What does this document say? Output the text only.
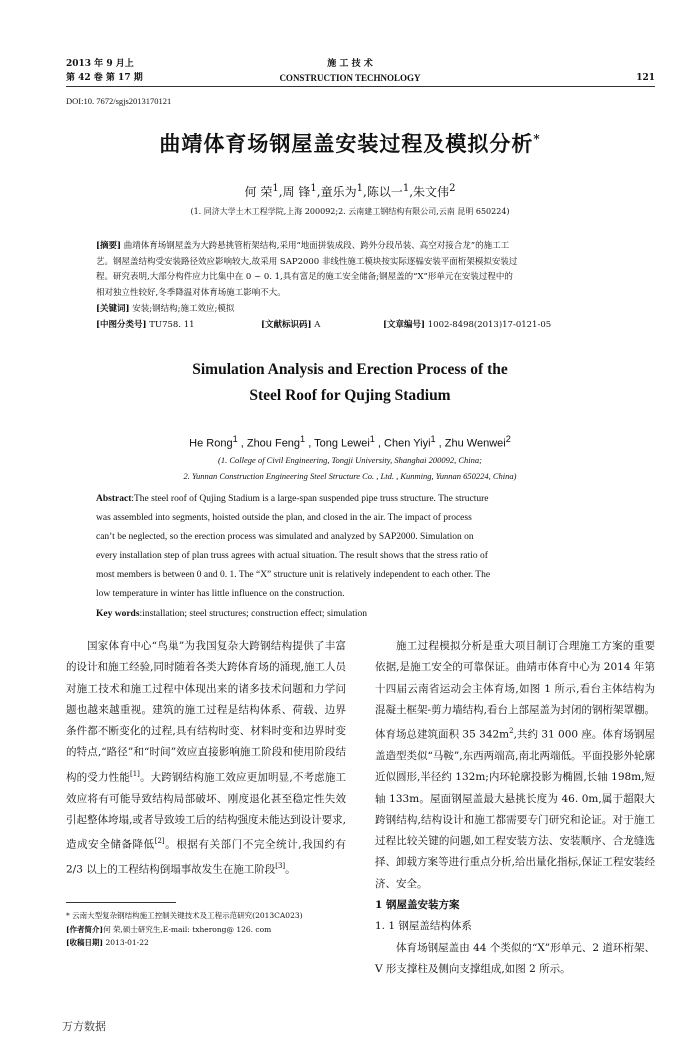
2013 年 9 月上
第 42 卷 第 17 期
施 工 技 术
CONSTRUCTION TECHNOLOGY	121
DOI:10. 7672/sgjs2013170121
曲靖体育场钢屋盖安装过程及模拟分析*
何 荣$^1$,周 锋$^1$,童乐为$^1$,陈以一$^1$,朱文伟$^2$
(1. 同济大学土木工程学院,上海 200092;2. 云南建工钢结构有限公司,云南 昆明 650224)
[摘要] 曲靖体育场钢屋盖为大跨悬挑管桁架结构,采用“地面拼装成段、跨外分段吊装、高空对接合龙”的施工工
艺。钢屋盖结构受安装路径效应影响较大,故采用 SAP2000 非线性施工模块按实际逐榀安装平面桁架模拟安装过
程。研究表明,大部分构件应力比集中在 0 ~ 0. 1,具有富足的施工安全储备;钢屋盖的“X”形单元在安装过程中的
相对独立性较好,冬季降温对体育场施工影响不大。
[关键词] 安装;钢结构;施工效应;模拟
[中图分类号] TU758. 11	[文献标识码] A	[文章编号] 1002-8498(2013)17-0121-05
Simulation Analysis and Erection Process of the
Steel Roof for Qujing Stadium
He Rong$^1$ , Zhou Feng$^1$ , Tong Lewei$^1$ , Chen Yiyi$^1$ , Zhu Wenwei$^2$
(1. College of Civil Engineering, Tongji University, Shanghai 200092, China;
2. Yunnan Construction Engineering Steel Structure Co. , Ltd. , Kunming, Yunnan 650224, China)
Abstract:The steel roof of Qujing Stadium is a large-span suspended pipe truss structure. The structure
was assembled into segments, hoisted outside the plan, and closed in the air. The impact of process
can’t be neglected, so the erection process was simulated and analyzed by SAP2000. Simulation on
every installation step of plan truss agrees with actual situation. The result shows that the stress ratio of
most members is between 0 and 0. 1. The “X” structure unit is relatively independent to each other. The
low temperature in winter has little influence on the construction.
Key words:installation; steel structures; construction effect; simulation

国家体育中心“鸟巢”为我国复杂大跨钢结构提供了丰富的设计和施工经验,同时随着各类大跨体育场的涌现,施工人员对施工技术和施工过程中体现出来的诸多技术问题和力学问题也越来越重视。建筑的施工过程是结构体系、荷载、边界条件都不断变化的过程,具有结构时变、材料时变和边界时变的特点,“路径”和“时间”效应直接影响施工阶段和使用阶段结构的受力性能[1]。大跨钢结构施工效应更加明显,不考虑施工效应将有可能导致结构局部破坏、刚度退化甚至稳定性失效引起整体垮塌,或者导致竣工后的结构强度未能达到设计要求,造成安全储备降低[2]。根据有关部门不完全统计,我国约有 2/3 以上的工程结构倒塌事故发生在施工阶段[3]。

* 云南大型复杂钢结构施工控制关键技术及工程示范研究(2013CA023)
[作者简介]何 荣,硕士研究生,E-mail: txherong@ 126. com
[收稿日期] 2013-01-22

施工过程模拟分析是重大项目制订合理施工方案的重要依据,是施工安全的可靠保证。曲靖市体育中心为 2014 年第十四届云南省运动会主体育场,如图 1 所示,看台主体结构为混凝土框架-剪力墙结构,看台上部屋盖为封闭的钢桁架罩棚。体育场总建筑面积 35 $342m^2$,共约 31 000 座。体育场钢屋盖造型类似“马鞍”,东西两端高,南北两端低。平面投影外轮廓近似圆形,半径约 132m;内环轮廓投影为椭圆,长轴 198m,短轴 133m。屋面钢屋盖最大悬挑长度为 46. 0m,属于超限大跨钢结构,结构设计和施工都需要专门研究和论证。对于施工过程比较关键的问题,如工程安装方法、安装顺序、合龙缝选择、卸载方案等进行重点分析,给出量化指标,保证工程安装经济、安全。

1 钢屋盖安装方案

1. 1 钢屋盖结构体系

体育场钢屋盖由 44 个类似的“X”形单元、2 道环桁架、V 形支撑柱及侧向支撑组成,如图 2 所示。

万方数据
